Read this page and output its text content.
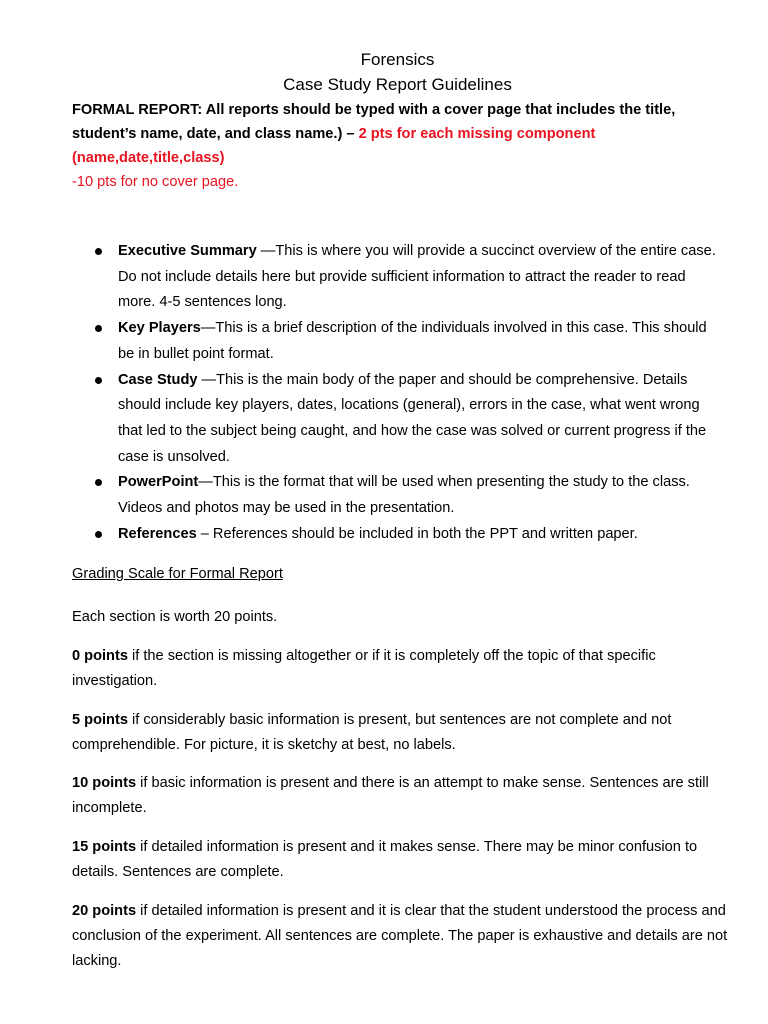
Forensics
Case Study Report Guidelines
FORMAL REPORT: All reports should be typed with a cover page that includes the title, student’s name, date, and class name.) – 2 pts for each missing component (name,date,title,class)
-10 pts for no cover page.
Executive Summary —This is where you will provide a succinct overview of the entire case. Do not include details here but provide sufficient information to attract the reader to read more. 4-5 sentences long.
Key Players—This is a brief description of the individuals involved in this case. This should be in bullet point format.
Case Study —This is the main body of the paper and should be comprehensive. Details should include key players, dates, locations (general), errors in the case, what went wrong that led to the subject being caught, and how the case was solved or current progress if the case is unsolved.
PowerPoint—This is the format that will be used when presenting the study to the class. Videos and photos may be used in the presentation.
References – References should be included in both the PPT and written paper.
Grading Scale for Formal Report
Each section is worth 20 points.
0 points if the section is missing altogether or if it is completely off the topic of that specific investigation.
5 points if considerably basic information is present, but sentences are not complete and not comprehendible. For picture, it is sketchy at best, no labels.
10 points if basic information is present and there is an attempt to make sense. Sentences are still incomplete.
15 points if detailed information is present and it makes sense. There may be minor confusion to details. Sentences are complete.
20 points if detailed information is present and it is clear that the student understood the process and conclusion of the experiment. All sentences are complete. The paper is exhaustive and details are not lacking.
